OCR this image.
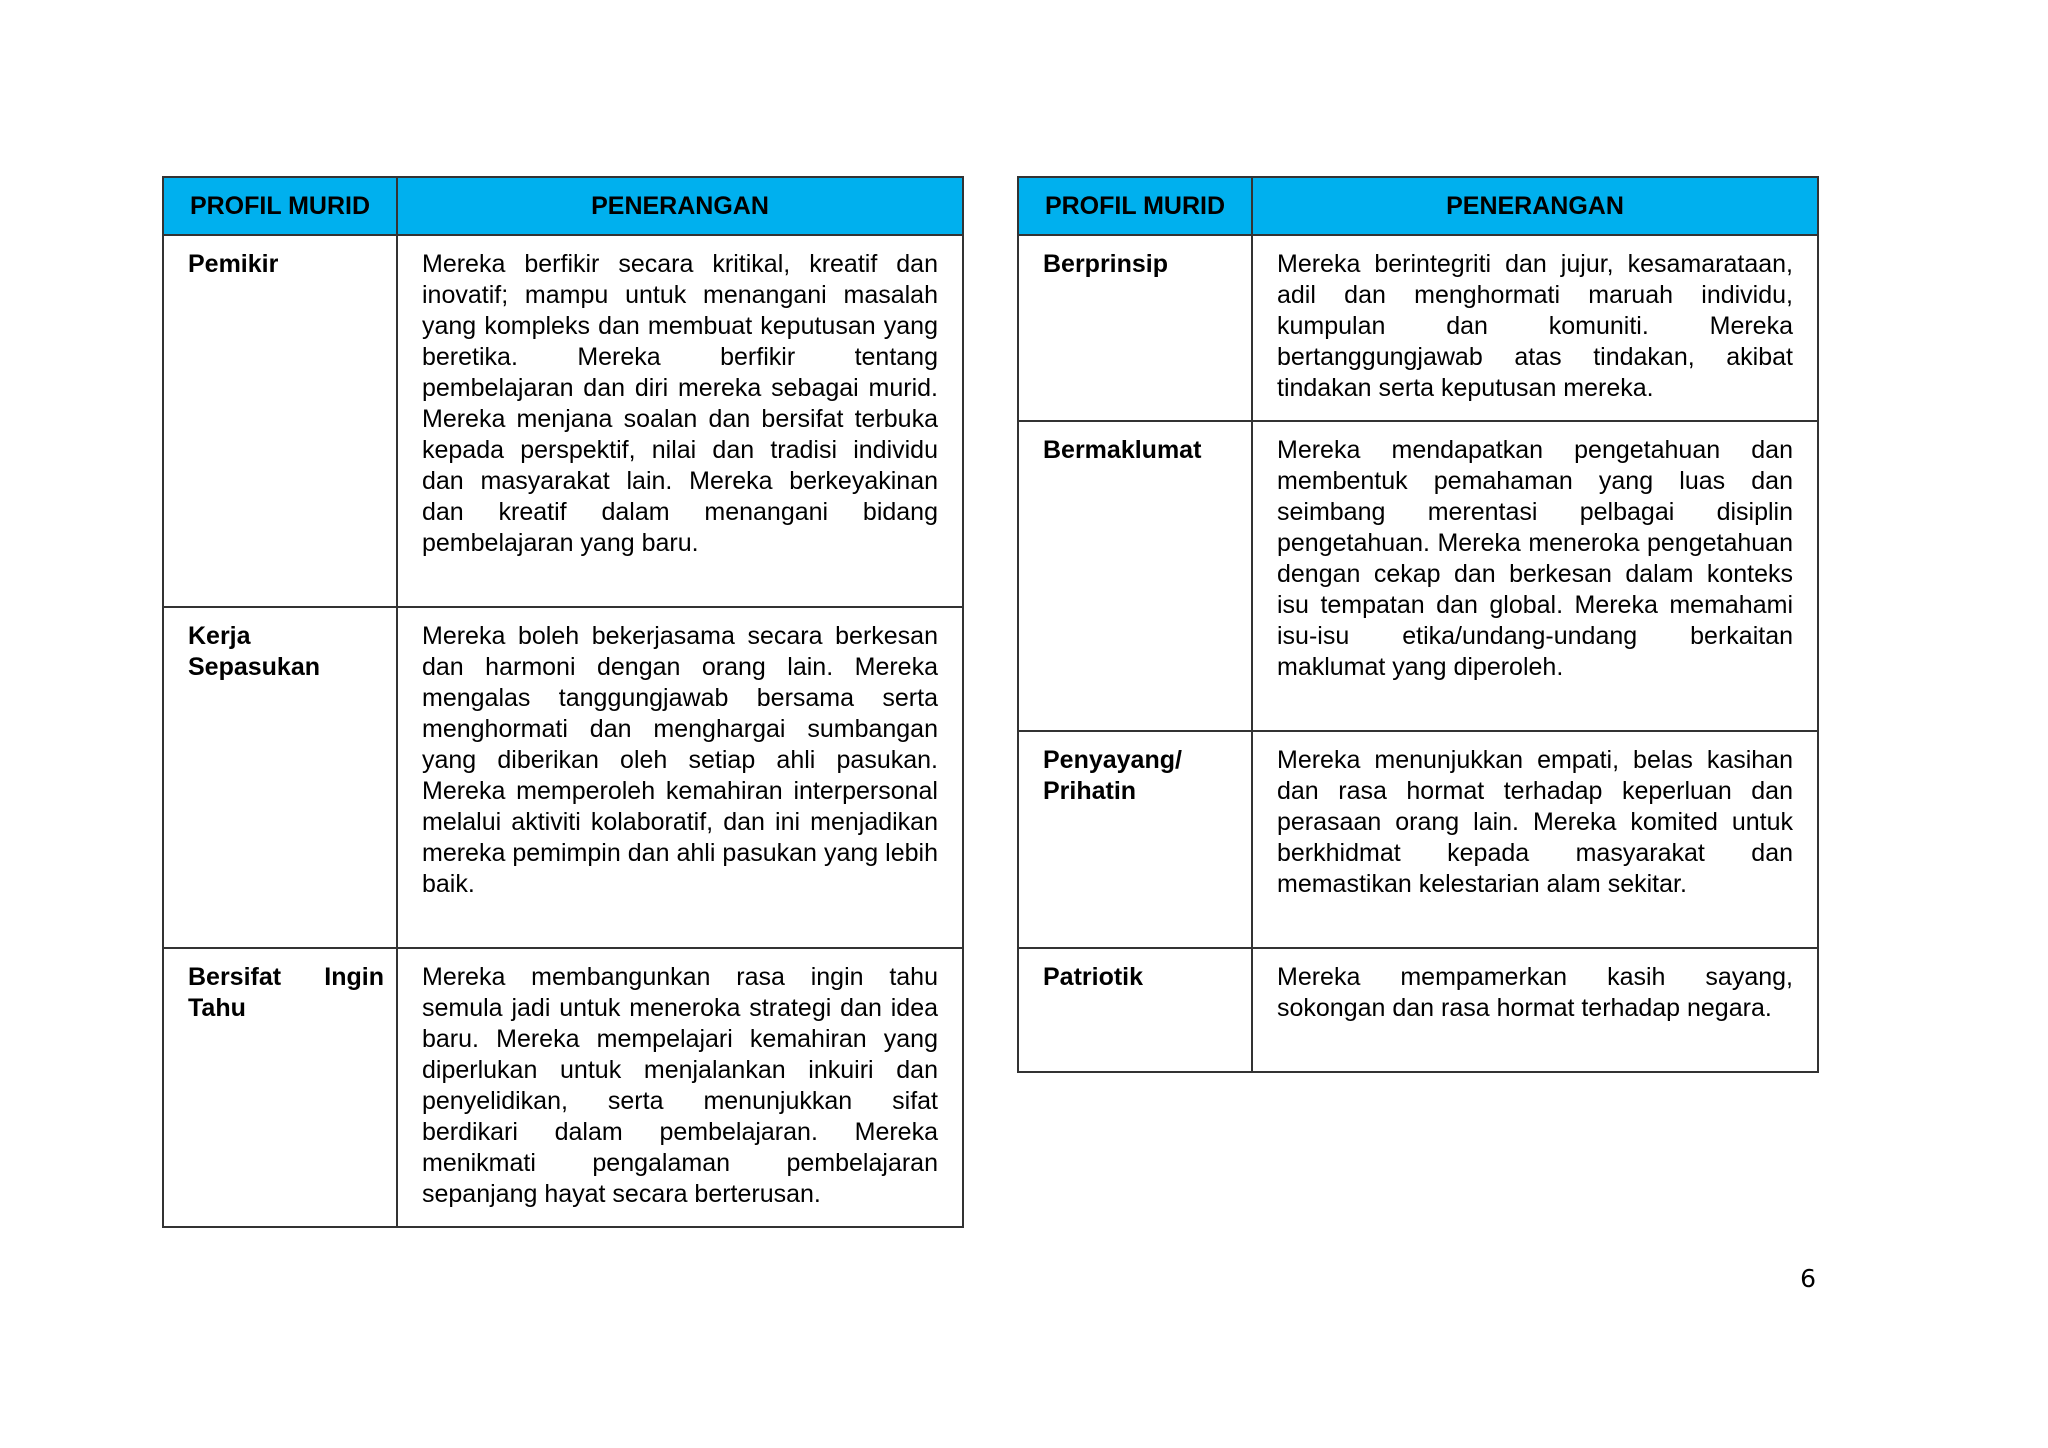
PROFIL MURID	PENERANGAN
Pemikir	Mereka berfikir secara kritikal, kreatif dan inovatif; mampu untuk menangani masalah yang kompleks dan membuat keputusan yang beretika. Mereka berfikir tentang pembelajaran dan diri mereka sebagai murid. Mereka menjana soalan dan bersifat terbuka kepada perspektif, nilai dan tradisi individu dan masyarakat lain. Mereka berkeyakinan dan kreatif dalam menangani bidang pembelajaran yang baru.
Kerja Sepasukan	Mereka boleh bekerjasama secara berkesan dan harmoni dengan orang lain. Mereka mengalas tanggungjawab bersama serta menghormati dan menghargai sumbangan yang diberikan oleh setiap ahli pasukan. Mereka memperoleh kemahiran interpersonal melalui aktiviti kolaboratif, dan ini menjadikan mereka pemimpin dan ahli pasukan yang lebih baik.
Bersifat Ingin Tahu	Mereka membangunkan rasa ingin tahu semula jadi untuk meneroka strategi dan idea baru. Mereka mempelajari kemahiran yang diperlukan untuk menjalankan inkuiri dan penyelidikan, serta menunjukkan sifat berdikari dalam pembelajaran. Mereka menikmati pengalaman pembelajaran sepanjang hayat secara berterusan.
PROFIL MURID	PENERANGAN
Berprinsip	Mereka berintegriti dan jujur, kesamarataan, adil dan menghormati maruah individu, kumpulan dan komuniti. Mereka bertanggungjawab atas tindakan, akibat tindakan serta keputusan mereka.
Bermaklumat	Mereka mendapatkan pengetahuan dan membentuk pemahaman yang luas dan seimbang merentasi pelbagai disiplin pengetahuan. Mereka meneroka pengetahuan dengan cekap dan berkesan dalam konteks isu tempatan dan global. Mereka memahami isu-isu etika/undang-undang berkaitan maklumat yang diperoleh.
Penyayang/ Prihatin	Mereka menunjukkan empati, belas kasihan dan rasa hormat terhadap keperluan dan perasaan orang lain. Mereka komited untuk berkhidmat kepada masyarakat dan memastikan kelestarian alam sekitar.
Patriotik	Mereka mempamerkan kasih sayang, sokongan dan rasa hormat terhadap negara.
6
